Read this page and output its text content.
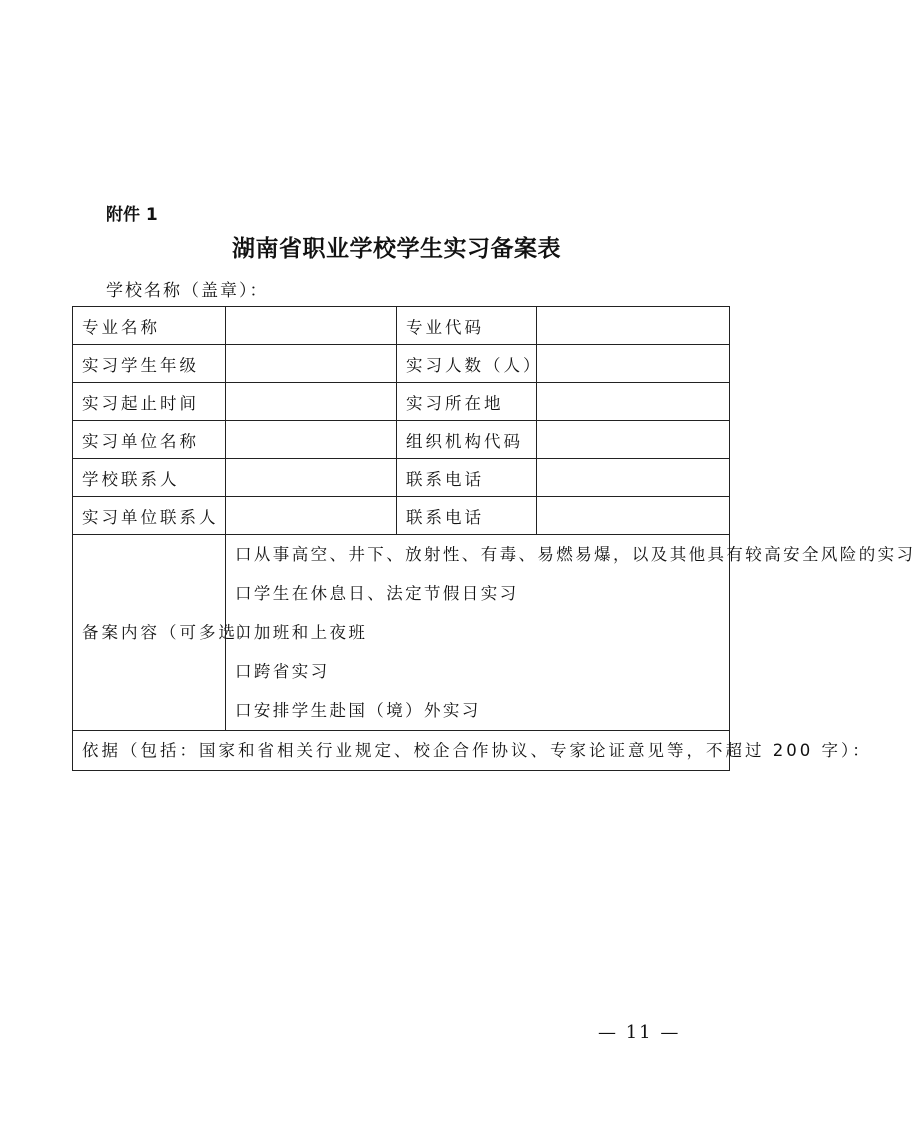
附件 1
湖南省职业学校学生实习备案表
学校名称（盖章）：
专业名称		专业代码	
实习学生年级		实习人数（人）	
实习起止时间		实习所在地	
实习单位名称		组织机构代码	
学校联系人		联系电话	
实习单位联系人		联系电话	
备案内容（可多选）	口从事高空、井下、放射性、有毒、易燃易爆，以及其他具有较高安全风险的实习
口学生在休息日、法定节假日实习
口加班和上夜班
口跨省实习
口安排学生赴国（境）外实习		

依据（包括：国家和省相关行业规定、校企合作协议、专家论证意见等，不超过 200 字）：			
— 11 —
